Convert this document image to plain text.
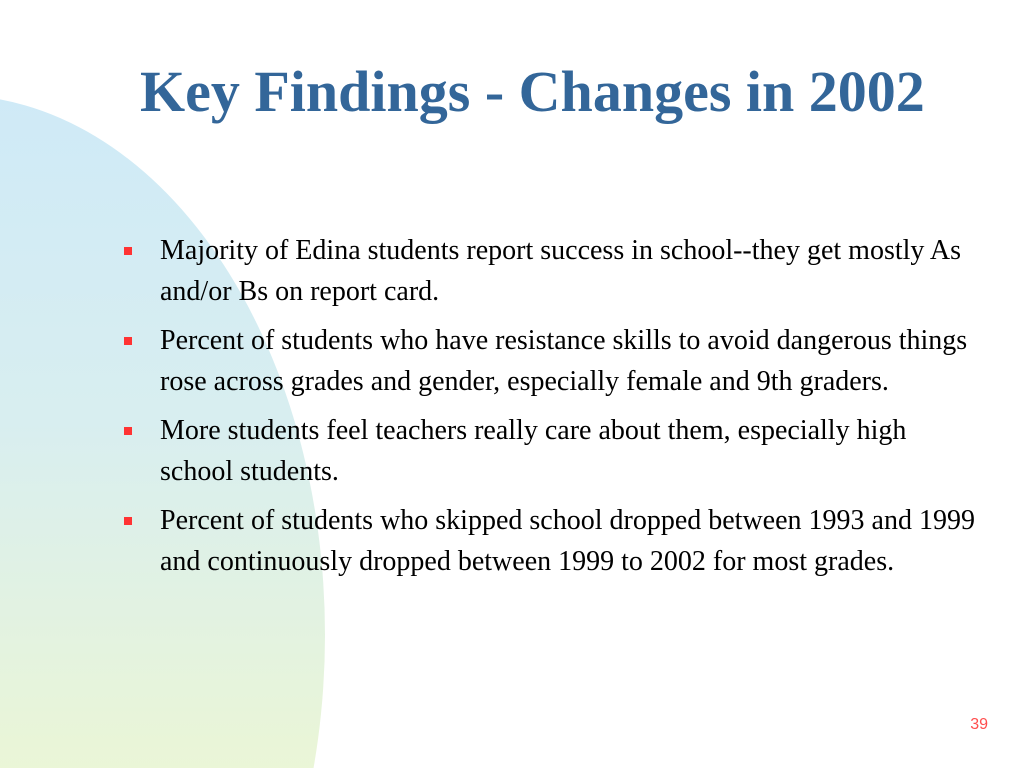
Key Findings - Changes in 2002
Majority of Edina students report success in school--they get mostly As and/or Bs on report card.
Percent of students who have resistance skills to avoid dangerous things rose across grades and gender, especially female and 9th graders.
More students feel teachers really care about them, especially high school students.
Percent of students who skipped school dropped between 1993 and 1999 and continuously dropped between 1999 to 2002 for most grades.
39
